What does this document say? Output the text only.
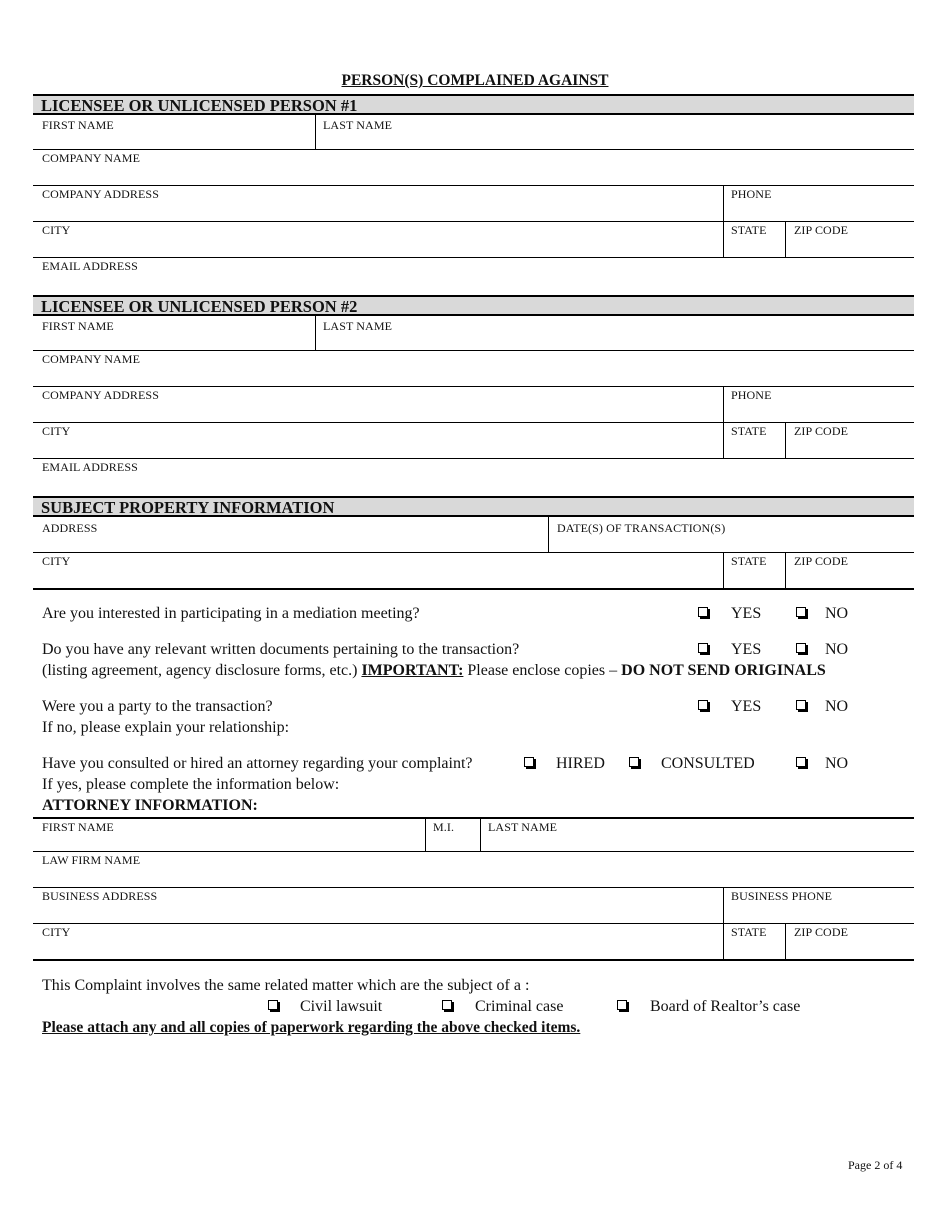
PERSON(S) COMPLAINED AGAINST
LICENSEE OR UNLICENSED PERSON #1
FIRST NAME	LAST NAME
COMPANY NAME
COMPANY ADDRESS	PHONE
CITY	STATE ZIP CODE
EMAIL ADDRESS
LICENSEE OR UNLICENSED PERSON #2
FIRST NAME	LAST NAME
COMPANY NAME
COMPANY ADDRESS	PHONE
CITY	STATE ZIP CODE
EMAIL ADDRESS
SUBJECT PROPERTY INFORMATION
ADDRESS	DATE(S) OF TRANSACTION(S)
CITY	STATE ZIP CODE
Are you interested in participating in a mediation meeting?	YES	NO
Do you have any relevant written documents pertaining to the transaction?	YES	NO
(listing agreement, agency disclosure forms, etc.) IMPORTANT: Please enclose copies – DO NOT SEND ORIGINALS
Were you a party to the transaction?	YES	NO
If no, please explain your relationship:
Have you consulted or hired an attorney regarding your complaint?	HIRED	CONSULTED	NO
If yes, please complete the information below:
ATTORNEY INFORMATION:
FIRST NAME	M.I.	LAST NAME
LAW FIRM NAME
BUSINESS ADDRESS	BUSINESS PHONE
CITY	STATE ZIP CODE
This Complaint involves the same related matter which are the subject of a :
Civil lawsuit	Criminal case	Board of Realtor’s case
Please attach any and all copies of paperwork regarding the above checked items.
Page 2 of 4
